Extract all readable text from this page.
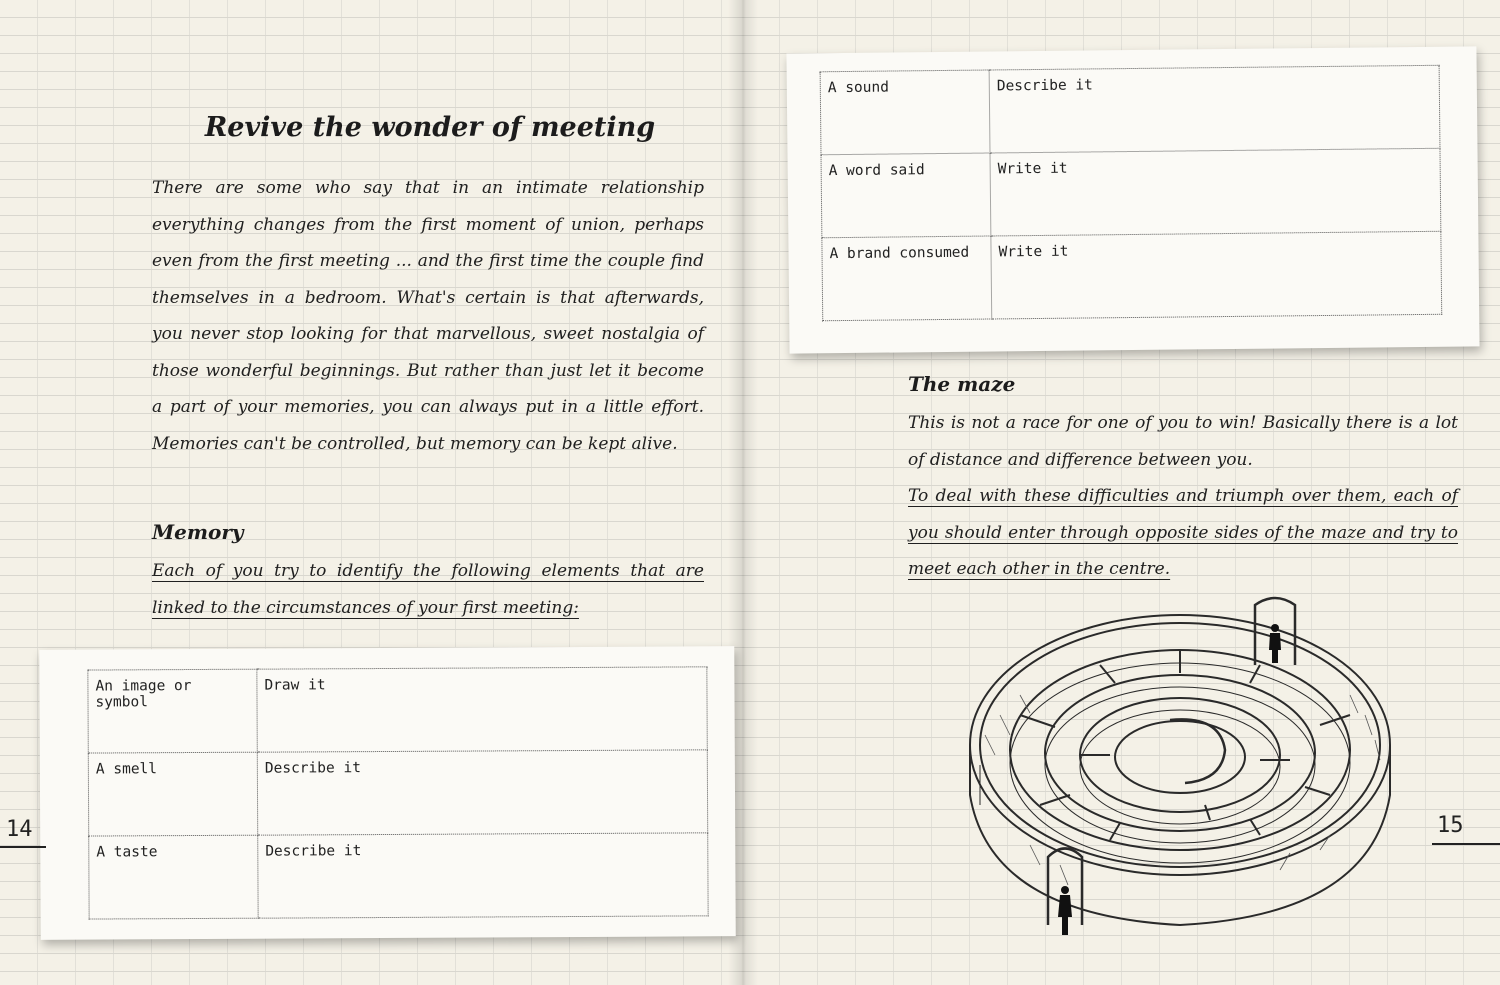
Revive the wonder of meeting
There are some who say that in an intimate relationship everything changes from the first moment of union, perhaps even from the first meeting ... and the first time the couple find themselves in a bedroom. What's certain is that afterwards, you never stop looking for that marvellous, sweet nostalgia of those wonderful beginnings. But rather than just let it become a part of your memories, you can always put in a little effort. Memories can't be controlled, but memory can be kept alive.
Memory
Each of you try to identify the following elements that are linked to the circumstances of your first meeting:
An image or symbol	Draw it
A smell	Describe it
A taste	Describe it
14
A sound	Describe it
A word said	Write it
A brand consumed	Write it
The maze
This is not a race for one of you to win! Basically there is a lot of distance and difference between you.
To deal with these difficulties and triumph over them, each of you should enter through opposite sides of the maze and try to meet each other in the centre.
15
